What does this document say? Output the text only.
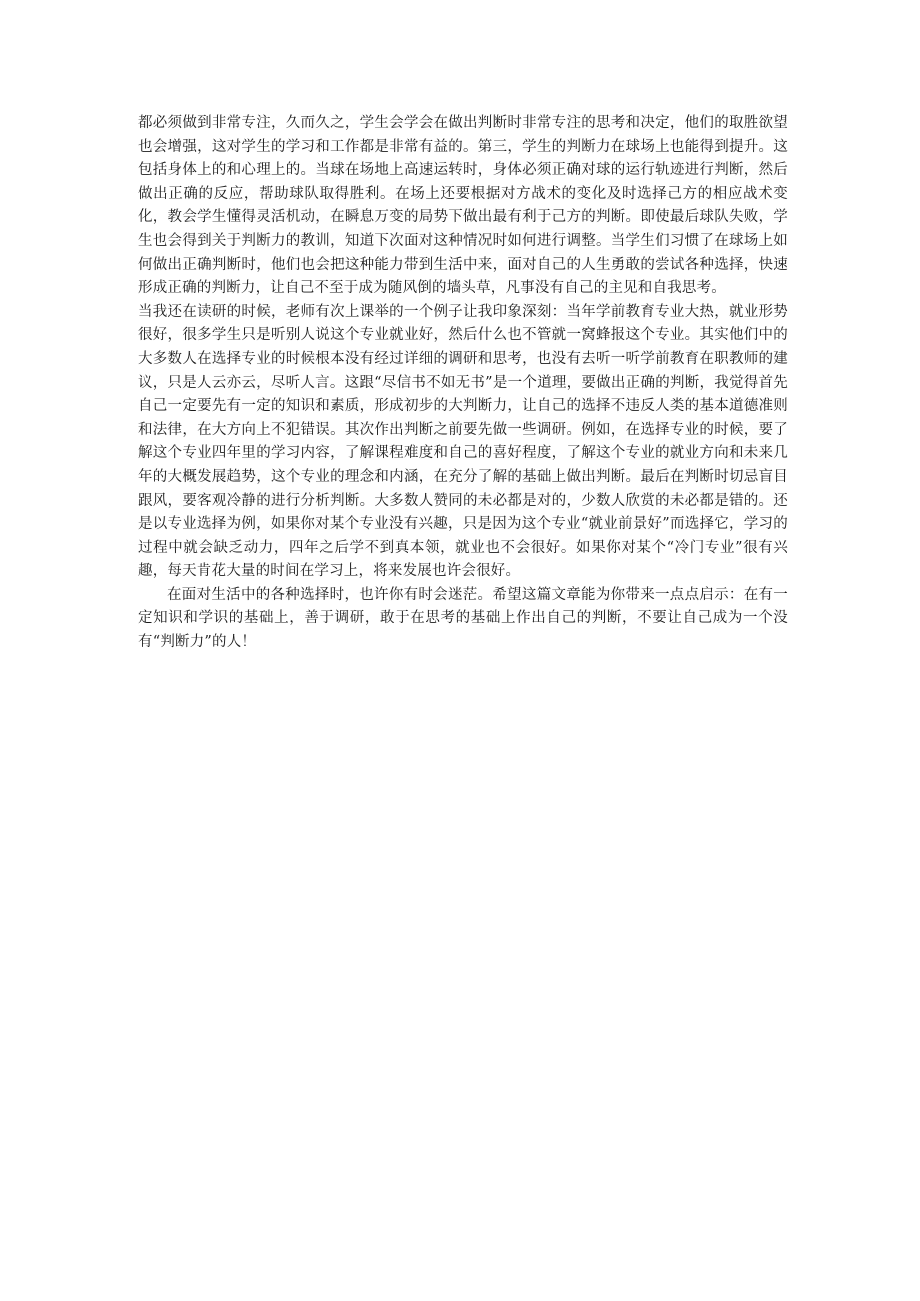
都必须做到非常专注，久而久之，学生会学会在做出判断时非常专注的思考和决定，他们的取胜欲望也会增强，这对学生的学习和工作都是非常有益的。第三，学生的判断力在球场上也能得到提升。这包括身体上的和心理上的。当球在场地上高速运转时，身体必须正确对球的运行轨迹进行判断，然后做出正确的反应，帮助球队取得胜利。在场上还要根据对方战术的变化及时选择己方的相应战术变化，教会学生懂得灵活机动，在瞬息万变的局势下做出最有利于己方的判断。即使最后球队失败，学生也会得到关于判断力的教训，知道下次面对这种情况时如何进行调整。当学生们习惯了在球场上如何做出正确判断时，他们也会把这种能力带到生活中来，面对自己的人生勇敢的尝试各种选择，快速形成正确的判断力，让自己不至于成为随风倒的墙头草，凡事没有自己的主见和自我思考。

当我还在读研的时候，老师有次上课举的一个例子让我印象深刻：当年学前教育专业大热，就业形势很好，很多学生只是听别人说这个专业就业好，然后什么也不管就一窝蜂报这个专业。其实他们中的大多数人在选择专业的时候根本没有经过详细的调研和思考，也没有去听一听学前教育在职教师的建议，只是人云亦云，尽听人言。这跟“尽信书不如无书”是一个道理，要做出正确的判断，我觉得首先自己一定要先有一定的知识和素质，形成初步的大判断力，让自己的选择不违反人类的基本道德准则和法律，在大方向上不犯错误。其次作出判断之前要先做一些调研。例如，在选择专业的时候，要了解这个专业四年里的学习内容，了解课程难度和自己的喜好程度，了解这个专业的就业方向和未来几年的大概发展趋势，这个专业的理念和内涵，在充分了解的基础上做出判断。最后在判断时切忌盲目跟风，要客观冷静的进行分析判断。大多数人赞同的未必都是对的，少数人欣赏的未必都是错的。还是以专业选择为例，如果你对某个专业没有兴趣，只是因为这个专业“就业前景好”而选择它，学习的过程中就会缺乏动力，四年之后学不到真本领，就业也不会很好。如果你对某个“冷门专业”很有兴趣，每天肯花大量的时间在学习上，将来发展也许会很好。

在面对生活中的各种选择时，也许你有时会迷茫。希望这篇文章能为你带来一点点启示：在有一定知识和学识的基础上，善于调研，敢于在思考的基础上作出自己的判断，不要让自己成为一个没有“判断力”的人！
